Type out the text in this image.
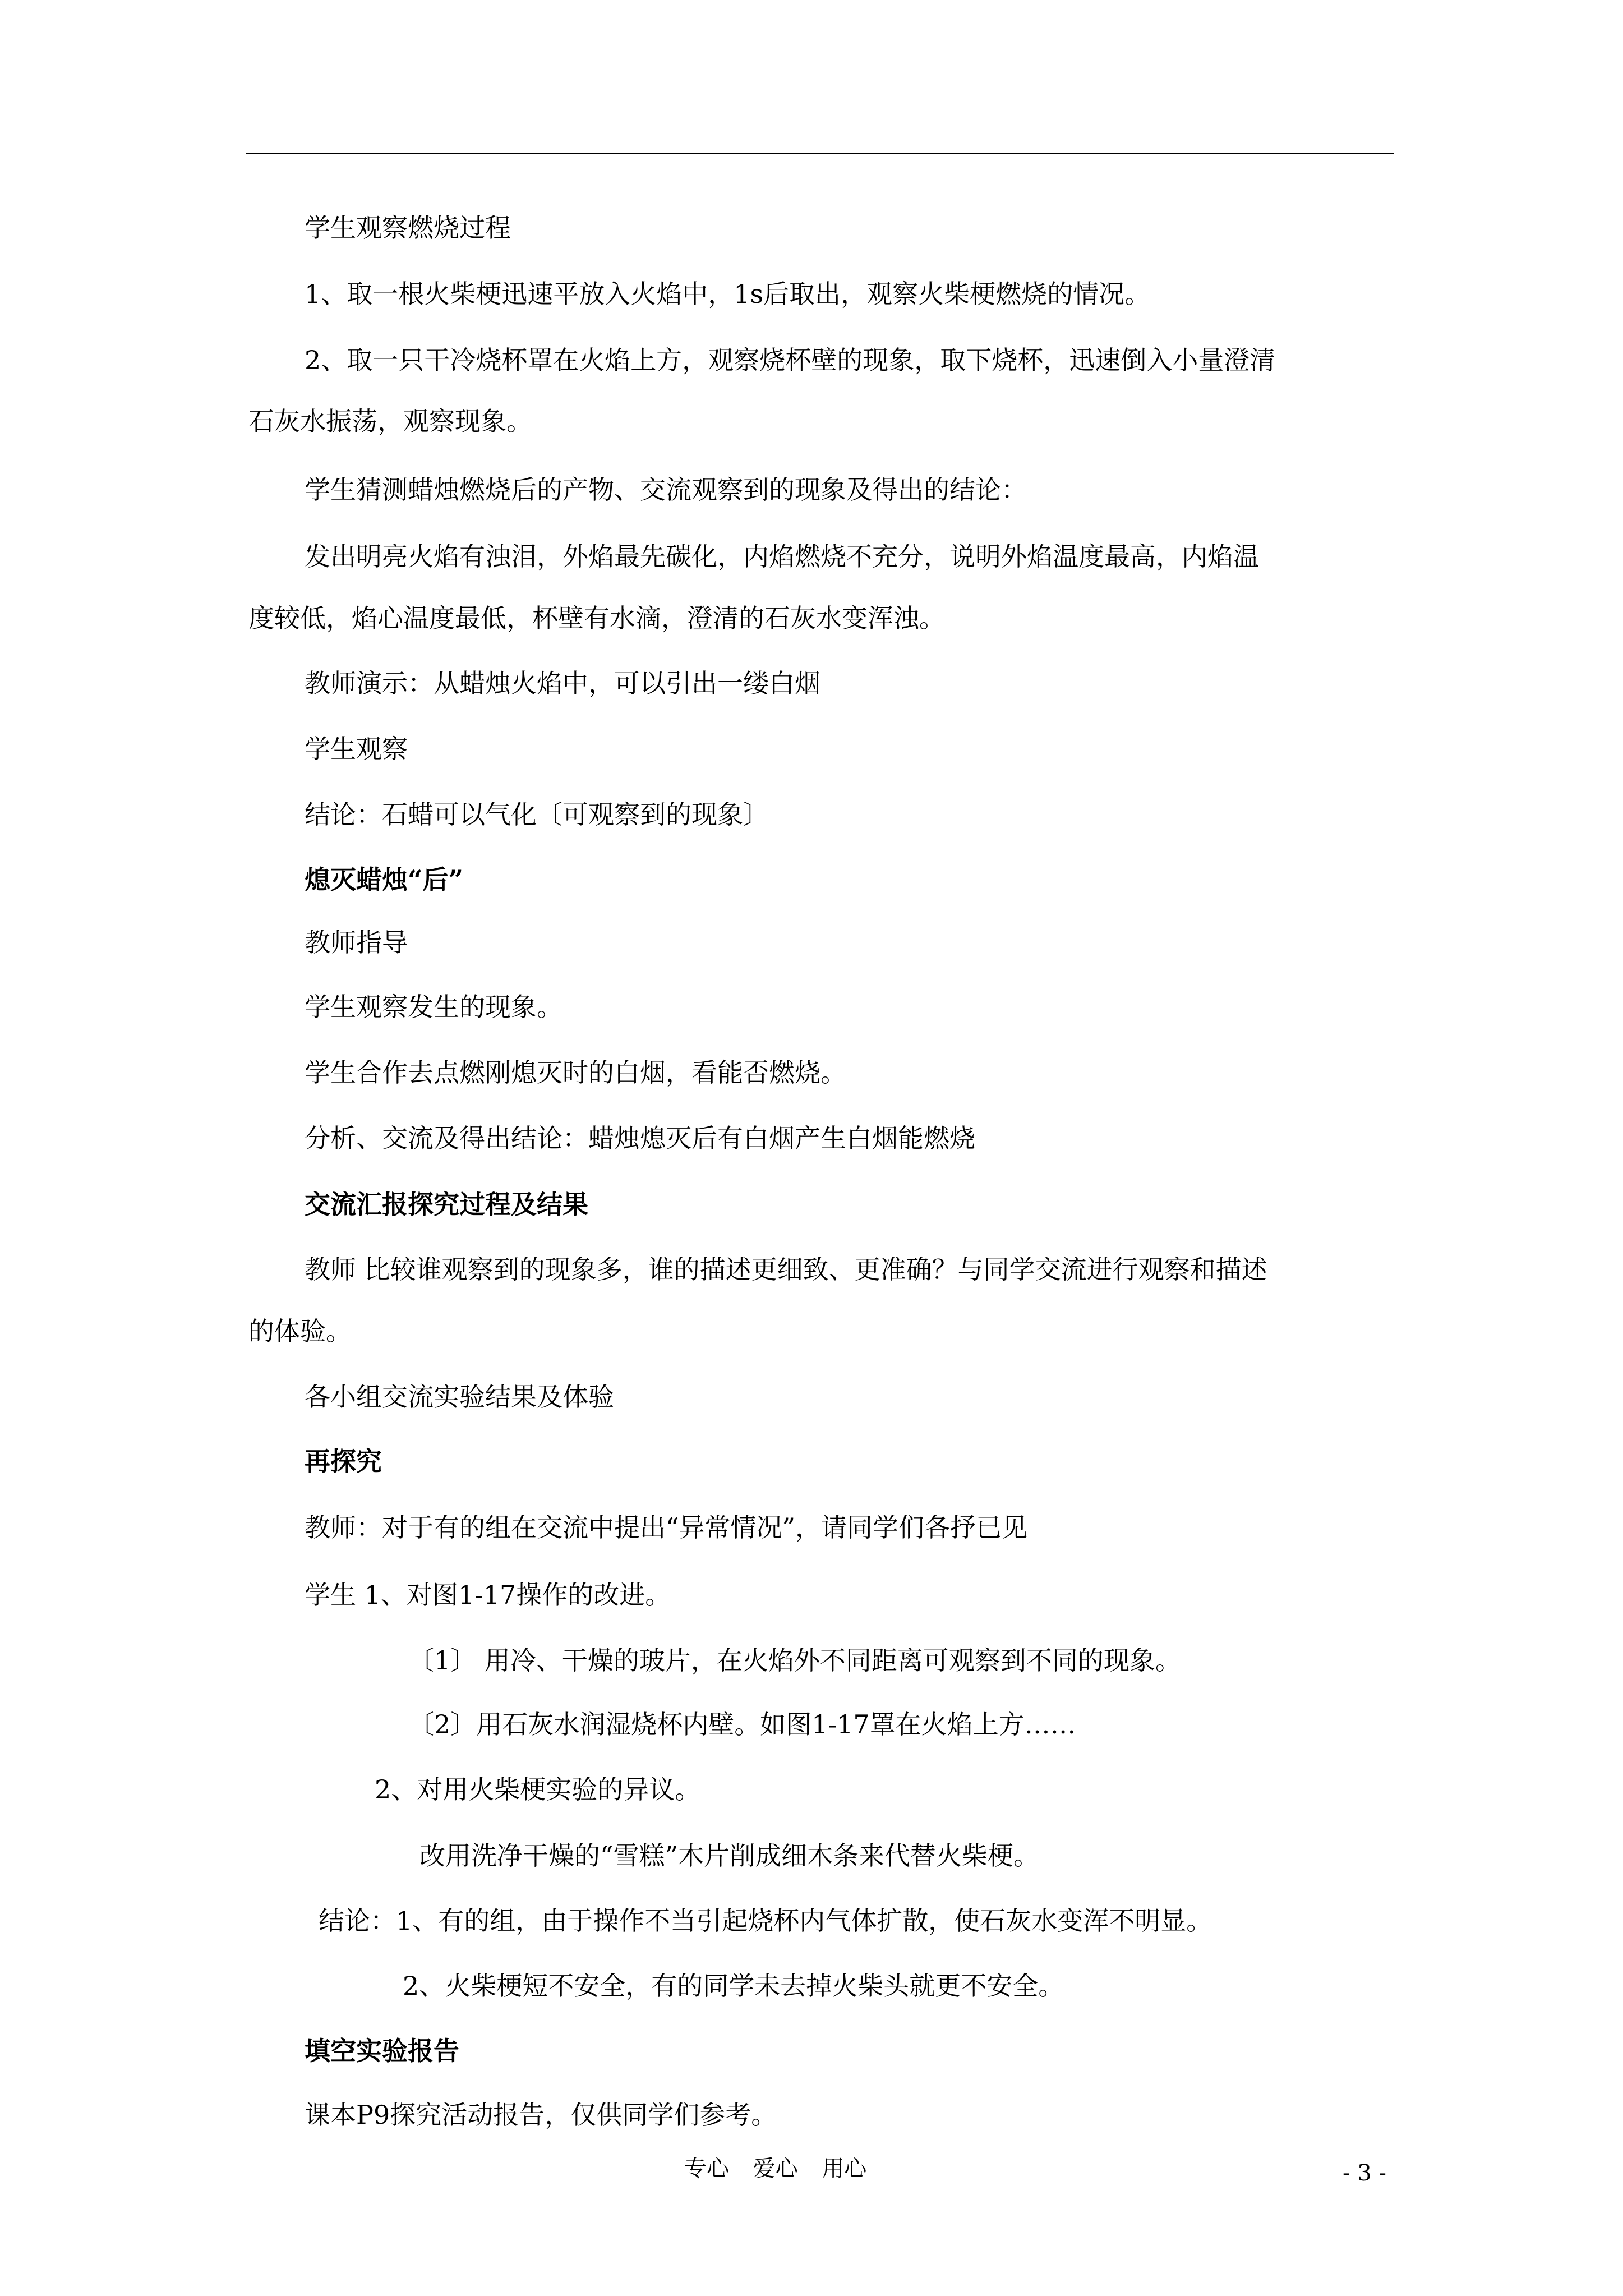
学生观察燃烧过程
1、取一根火柴梗迅速平放入火焰中，1s后取出，观察火柴梗燃烧的情况。
2、取一只干冷烧杯罩在火焰上方，观察烧杯壁的现象，取下烧杯，迅速倒入小量澄清
石灰水振荡，观察现象。
学生猜测蜡烛燃烧后的产物、交流观察到的现象及得出的结论：
发出明亮火焰有浊泪，外焰最先碳化，内焰燃烧不充分，说明外焰温度最高，内焰温
度较低，焰心温度最低，杯壁有水滴，澄清的石灰水变浑浊。
教师演示：从蜡烛火焰中，可以引出一缕白烟
学生观察
结论：石蜡可以气化〔可观察到的现象〕
熄灭蜡烛“后”
教师指导
学生观察发生的现象。
学生合作去点燃刚熄灭时的白烟，看能否燃烧。
分析、交流及得出结论：蜡烛熄灭后有白烟产生白烟能燃烧
交流汇报探究过程及结果
教师 比较谁观察到的现象多，谁的描述更细致、更准确？与同学交流进行观察和描述
的体验。
各小组交流实验结果及体验
再探究
教师：对于有的组在交流中提出“异常情况”，请同学们各抒已见
学生 1、对图1-17操作的改进。
〔1〕 用冷、干燥的玻片，在火焰外不同距离可观察到不同的现象。
〔2〕用石灰水润湿烧杯内壁。如图1-17罩在火焰上方……
2、对用火柴梗实验的异议。
改用洗净干燥的“雪糕”木片削成细木条来代替火柴梗。
结论：1、有的组，由于操作不当引起烧杯内气体扩散，使石灰水变浑不明显。
2、火柴梗短不安全，有的同学未去掉火柴头就更不安全。
填空实验报告
课本P9探究活动报告，仅供同学们参考。
专心 爱心 用心	- 3 -
